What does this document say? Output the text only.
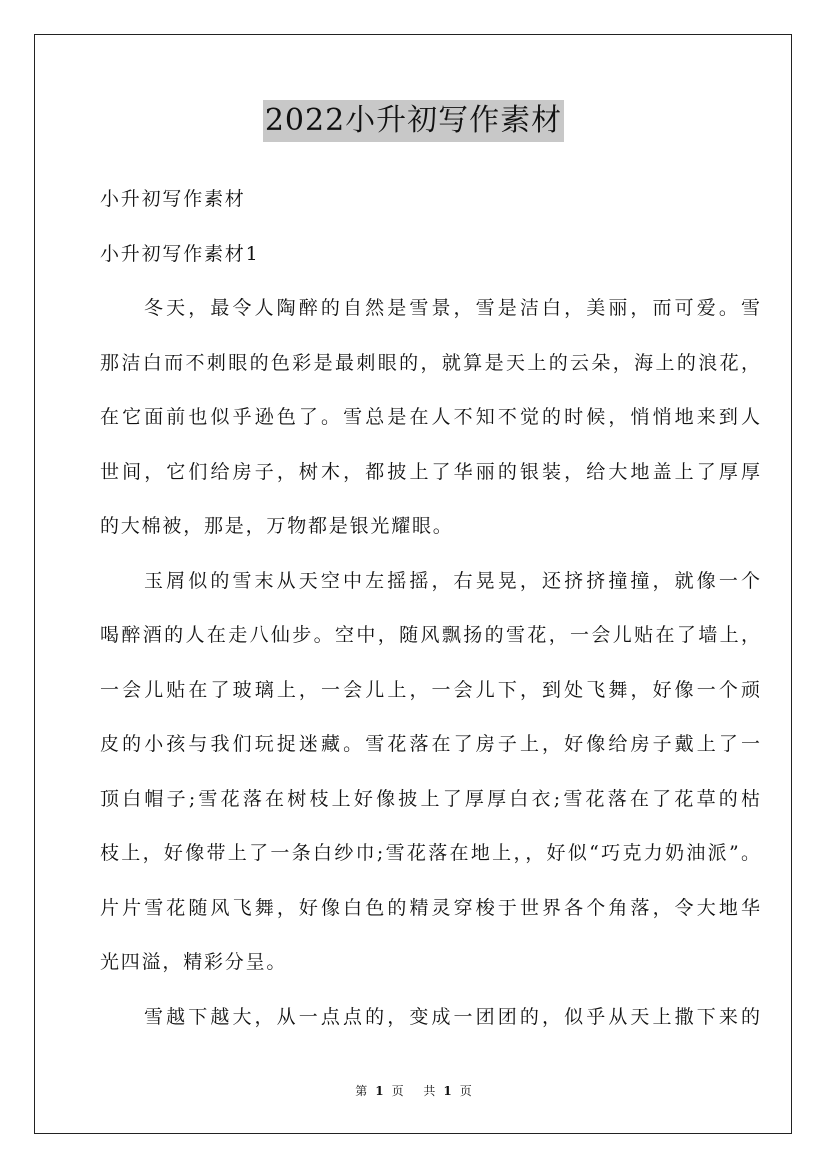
2022小升初写作素材
小升初写作素材
小升初写作素材1
冬天，最令人陶醉的自然是雪景，雪是洁白，美丽，而可爱。雪
那洁白而不刺眼的色彩是最刺眼的，就算是天上的云朵，海上的浪花，
在它面前也似乎逊色了。雪总是在人不知不觉的时候，悄悄地来到人
世间，它们给房子，树木，都披上了华丽的银装，给大地盖上了厚厚
的大棉被，那是，万物都是银光耀眼。
玉屑似的雪末从天空中左摇摇，右晃晃，还挤挤撞撞，就像一个
喝醉酒的人在走八仙步。空中，随风飘扬的雪花，一会儿贴在了墙上，
一会儿贴在了玻璃上，一会儿上，一会儿下，到处飞舞，好像一个顽
皮的小孩与我们玩捉迷藏。雪花落在了房子上，好像给房子戴上了一
顶白帽子;雪花落在树枝上好像披上了厚厚白衣;雪花落在了花草的枯
枝上，好像带上了一条白纱巾;雪花落在地上，，好似“巧克力奶油派”。
片片雪花随风飞舞，好像白色的精灵穿梭于世界各个角落，令大地华
光四溢，精彩分呈。
雪越下越大，从一点点的，变成一团团的，似乎从天上撒下来的
第 1 页 共 1 页
